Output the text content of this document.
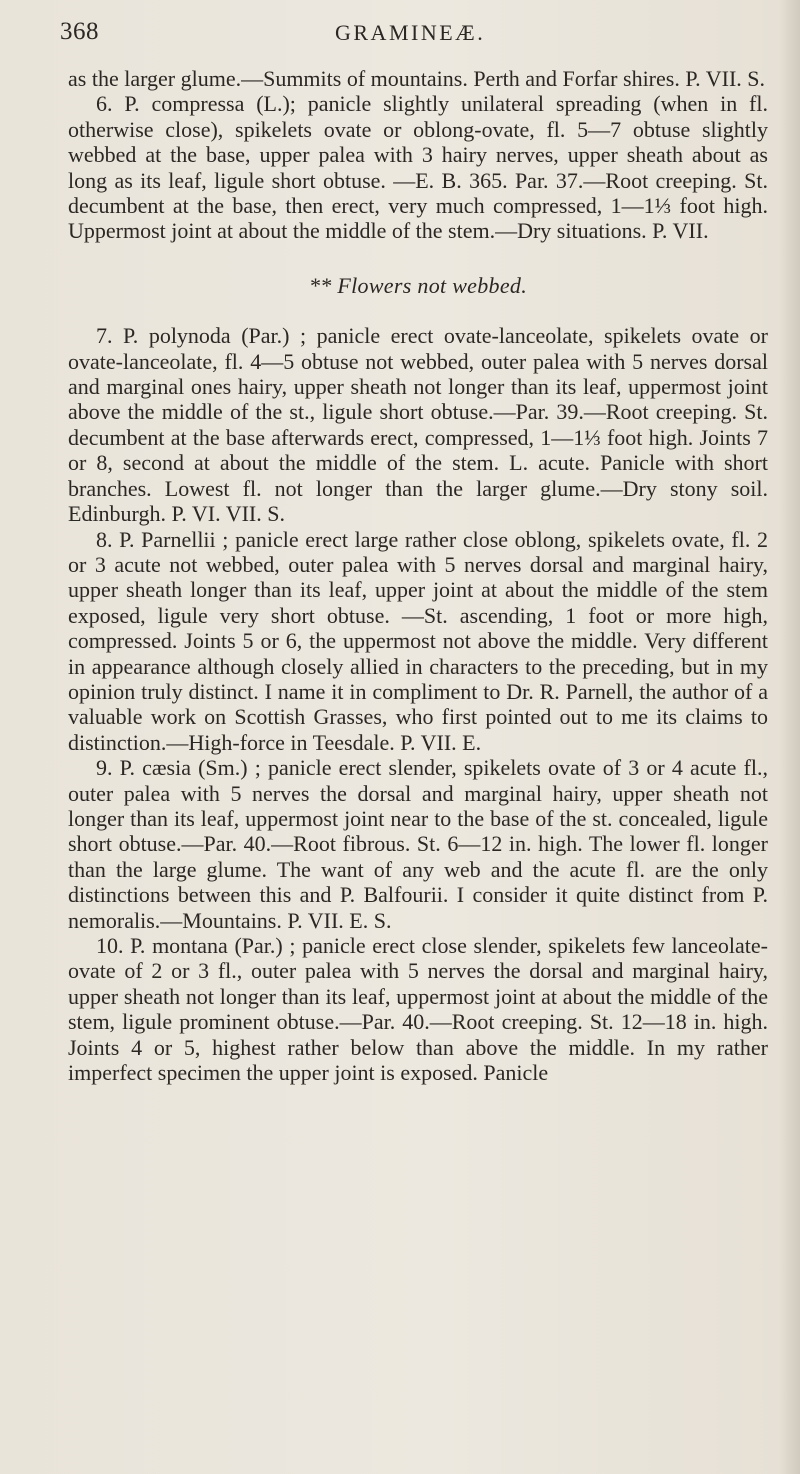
368	GRAMINEÆ.

as the larger glume.—Summits of mountains. Perth and Forfar shires. P. VII. S.

6. P. compressa (L.); panicle slightly unilateral spreading (when in fl. otherwise close), spikelets ovate or oblong-ovate, fl. 5—7 obtuse slightly webbed at the base, upper palea with 3 hairy nerves, upper sheath about as long as its leaf, ligule short obtuse. —E. B. 365. Par. 37.—Root creeping. St. decumbent at the base, then erect, very much compressed, 1—1⅓ foot high. Uppermost joint at about the middle of the stem.—Dry situations. P. VII.

** Flowers not webbed.

7. P. polynoda (Par.) ; panicle erect ovate-lanceolate, spikelets ovate or ovate-lanceolate, fl. 4—5 obtuse not webbed, outer palea with 5 nerves dorsal and marginal ones hairy, upper sheath not longer than its leaf, uppermost joint above the middle of the st., ligule short obtuse.—Par. 39.—Root creeping. St. decumbent at the base afterwards erect, compressed, 1—1⅓ foot high. Joints 7 or 8, second at about the middle of the stem. L. acute. Panicle with short branches. Lowest fl. not longer than the larger glume.—Dry stony soil. Edinburgh. P. VI. VII. S.

8. P. Parnellii ; panicle erect large rather close oblong, spikelets ovate, fl. 2 or 3 acute not webbed, outer palea with 5 nerves dorsal and marginal hairy, upper sheath longer than its leaf, upper joint at about the middle of the stem exposed, ligule very short obtuse. —St. ascending, 1 foot or more high, compressed. Joints 5 or 6, the uppermost not above the middle. Very different in appearance although closely allied in characters to the preceding, but in my opinion truly distinct. I name it in compliment to Dr. R. Parnell, the author of a valuable work on Scottish Grasses, who first pointed out to me its claims to distinction.—High-force in Teesdale. P. VII. E.

9. P. cæsia (Sm.) ; panicle erect slender, spikelets ovate of 3 or 4 acute fl., outer palea with 5 nerves the dorsal and marginal hairy, upper sheath not longer than its leaf, uppermost joint near to the base of the st. concealed, ligule short obtuse.—Par. 40.—Root fibrous. St. 6—12 in. high. The lower fl. longer than the large glume. The want of any web and the acute fl. are the only distinctions between this and P. Balfourii. I consider it quite distinct from P. nemoralis.—Mountains. P. VII. E. S.

10. P. montana (Par.) ; panicle erect close slender, spikelets few lanceolate-ovate of 2 or 3 fl., outer palea with 5 nerves the dorsal and marginal hairy, upper sheath not longer than its leaf, uppermost joint at about the middle of the stem, ligule prominent obtuse.—Par. 40.—Root creeping. St. 12—18 in. high. Joints 4 or 5, highest rather below than above the middle. In my rather imperfect specimen the upper joint is exposed. Panicle
